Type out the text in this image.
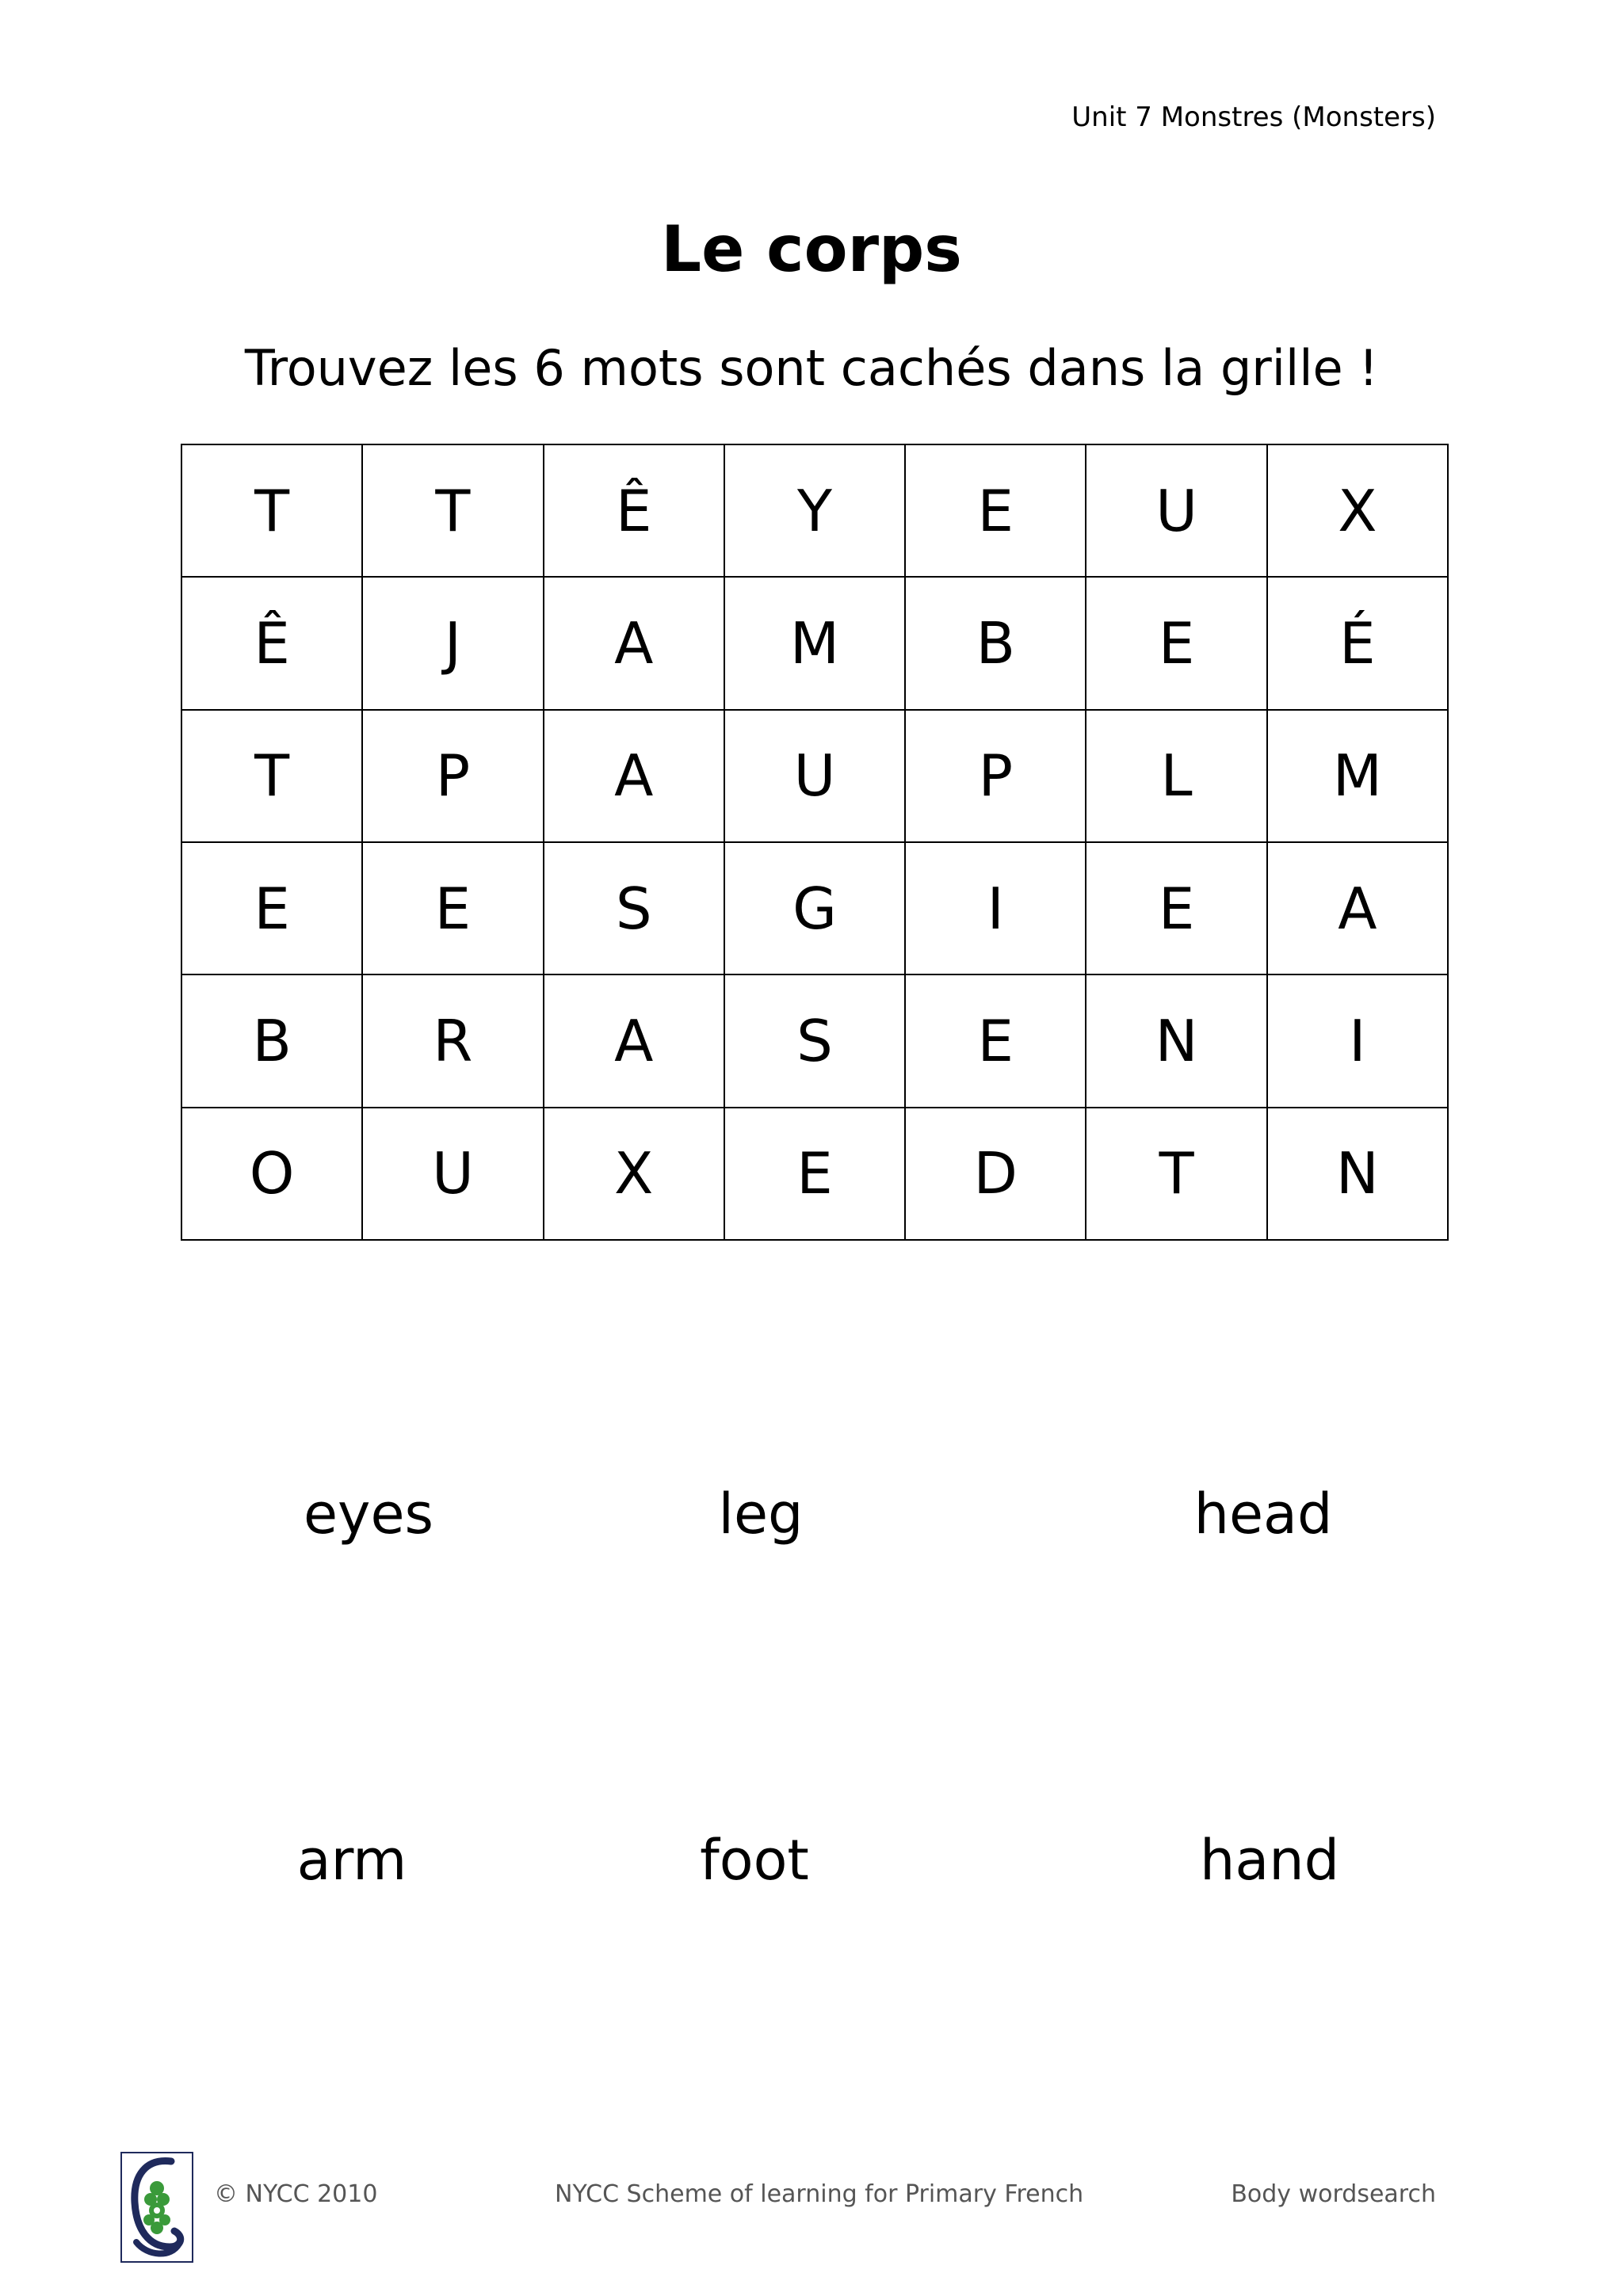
Unit 7 Monstres (Monsters)
Le corps
Trouvez les 6 mots sont cachés dans la grille !
T	T	Ê	Y	E	U	X
Ê	J	A	M	B	E	É
T	P	A	U	P	L	M
E	E	S	G	I	E	A
B	R	A	S	E	N	I
O	U	X	E	D	T	N
eyes	leg	head
arm	foot	hand
© NYCC 2010	NYCC Scheme of learning for Primary French	Body wordsearch
